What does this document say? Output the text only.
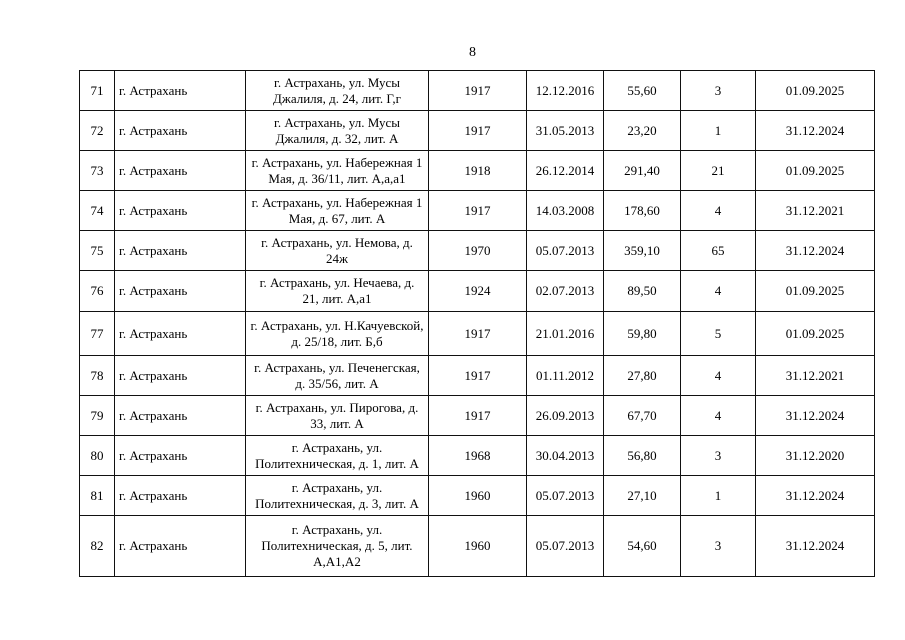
8
71	г. Астрахань	г. Астрахань, ул. Мусы Джалиля, д. 24, лит. Г,г	1917	12.12.2016	55,60	3	01.09.2025
72	г. Астрахань	г. Астрахань, ул. Мусы Джалиля, д. 32, лит. А	1917	31.05.2013	23,20	1	31.12.2024
73	г. Астрахань	г. Астрахань, ул. Набережная 1 Мая, д. 36/11, лит. А,а,а1	1918	26.12.2014	291,40	21	01.09.2025
74	г. Астрахань	г. Астрахань, ул. Набережная 1 Мая, д. 67, лит. А	1917	14.03.2008	178,60	4	31.12.2021
75	г. Астрахань	г. Астрахань, ул. Немова, д. 24ж	1970	05.07.2013	359,10	65	31.12.2024
76	г. Астрахань	г. Астрахань, ул. Нечаева, д. 21, лит. А,а1	1924	02.07.2013	89,50	4	01.09.2025
77	г. Астрахань	г. Астрахань, ул. Н.Качуевской, д. 25/18, лит. Б,б	1917	21.01.2016	59,80	5	01.09.2025
78	г. Астрахань	г. Астрахань, ул. Печенегская, д. 35/56, лит. А	1917	01.11.2012	27,80	4	31.12.2021
79	г. Астрахань	г. Астрахань, ул. Пирогова, д. 33, лит. А	1917	26.09.2013	67,70	4	31.12.2024
80	г. Астрахань	г. Астрахань, ул. Политехническая, д. 1, лит. А	1968	30.04.2013	56,80	3	31.12.2020
81	г. Астрахань	г. Астрахань, ул. Политехническая, д. 3, лит. А	1960	05.07.2013	27,10	1	31.12.2024
82	г. Астрахань	г. Астрахань, ул. Политехническая, д. 5, лит. А,А1,А2	1960	05.07.2013	54,60	3	31.12.2024
